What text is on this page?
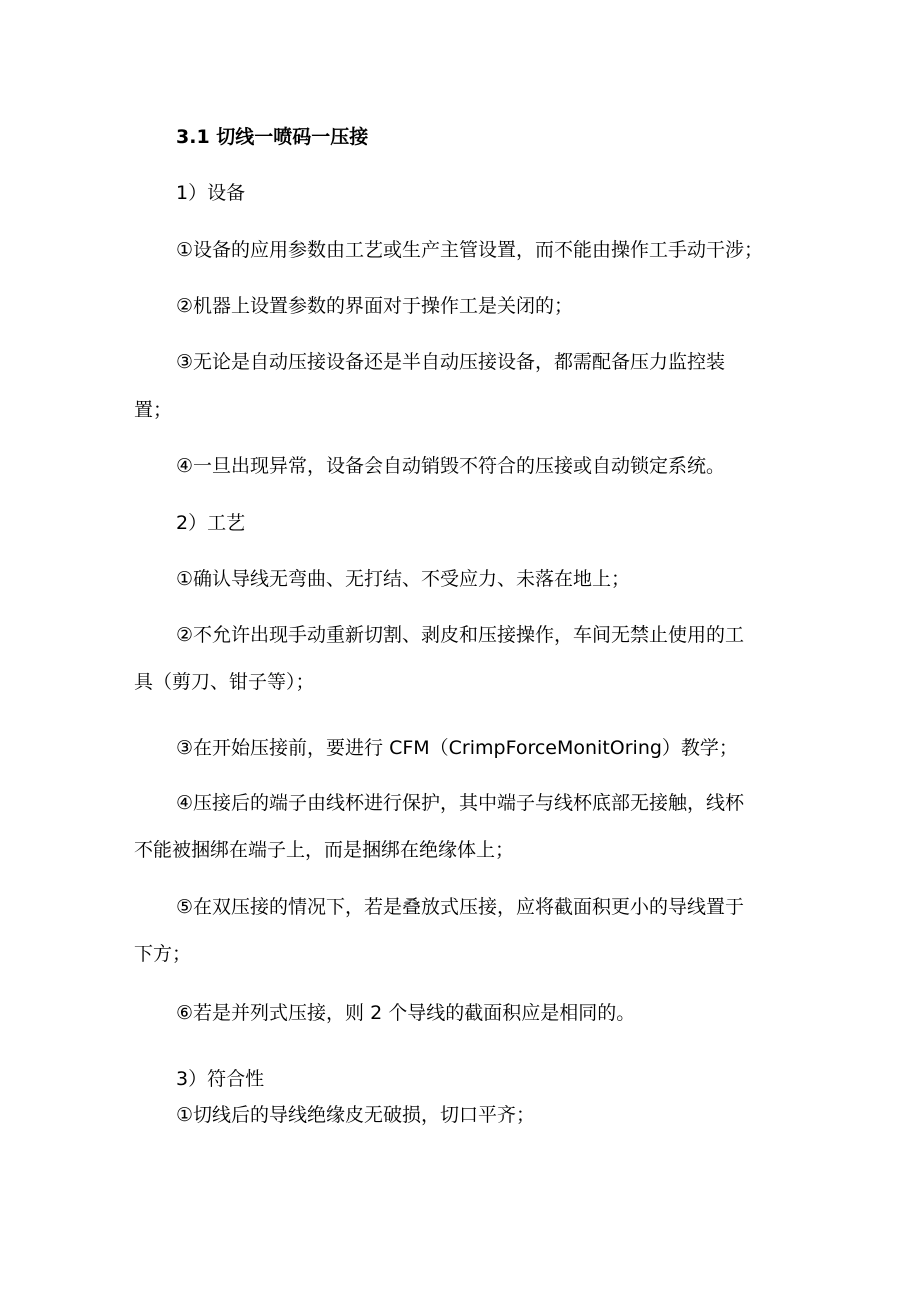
3.1 切线一喷码一压接
1）设备
①设备的应用参数由工艺或生产主管设置，而不能由操作工手动干涉；
②机器上设置参数的界面对于操作工是关闭的；
③无论是自动压接设备还是半自动压接设备，都需配备压力监控装
置；
④一旦出现异常，设备会自动销毁不符合的压接或自动锁定系统。
2）工艺
①确认导线无弯曲、无打结、不受应力、未落在地上；
②不允许出现手动重新切割、剥皮和压接操作，车间无禁止使用的工
具（剪刀、钳子等）；
③在开始压接前，要进行 CFM（CrimpForceMonitOring）教学；
④压接后的端子由线杯进行保护，其中端子与线杯底部无接触，线杯
不能被捆绑在端子上，而是捆绑在绝缘体上；
⑤在双压接的情况下，若是叠放式压接，应将截面积更小的导线置于
下方；
⑥若是并列式压接，则 2 个导线的截面积应是相同的。
3）符合性
①切线后的导线绝缘皮无破损，切口平齐；
